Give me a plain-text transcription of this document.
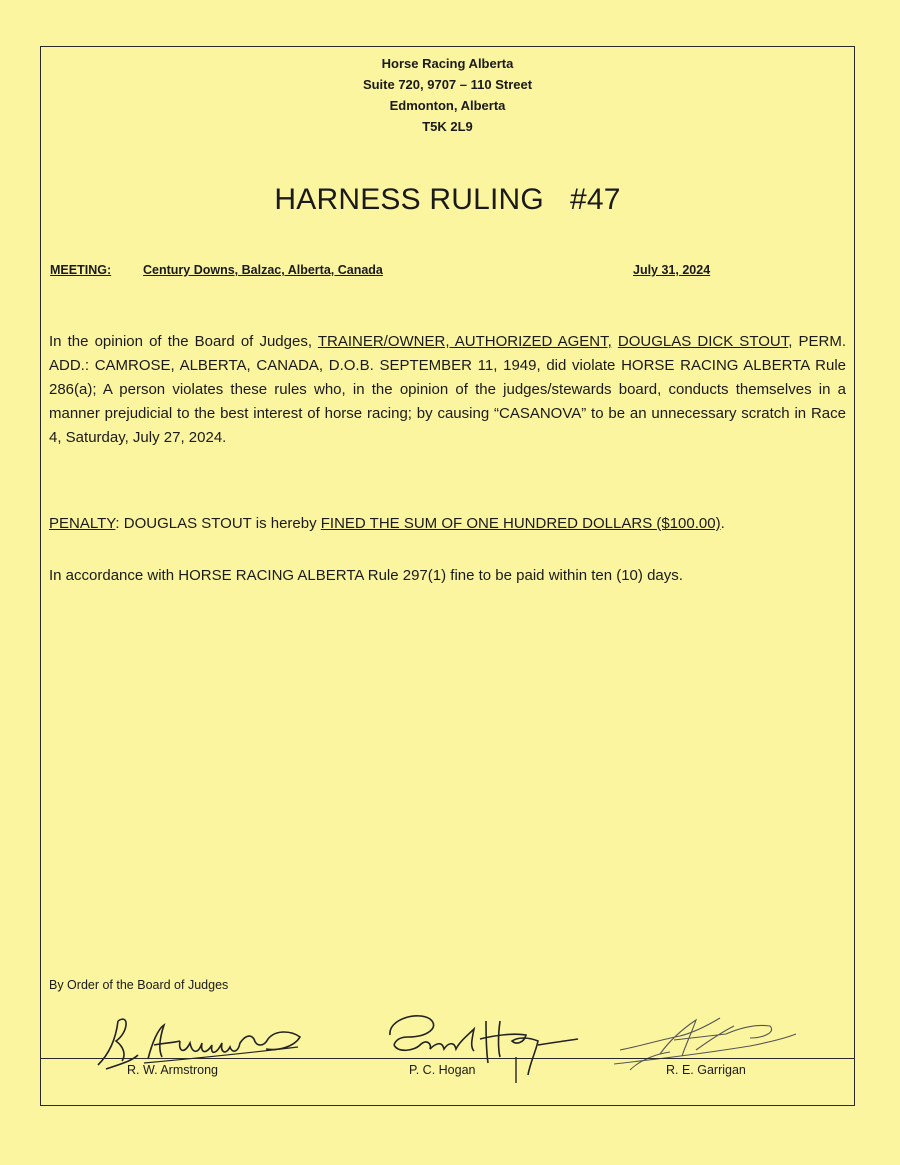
Horse Racing Alberta
Suite 720, 9707 – 110 Street
Edmonton, Alberta
T5K 2L9
HARNESS RULING #47
MEETING:	Century Downs, Balzac, Alberta, Canada	July 31, 2024

In the opinion of the Board of Judges, TRAINER/OWNER, AUTHORIZED AGENT, DOUGLAS DICK STOUT, PERM. ADD.: CAMROSE, ALBERTA, CANADA, D.O.B. SEPTEMBER 11, 1949, did violate HORSE RACING ALBERTA Rule 286(a); A person violates these rules who, in the opinion of the judges/stewards board, conducts themselves in a manner prejudicial to the best interest of horse racing; by causing “CASANOVA” to be an unnecessary scratch in Race 4, Saturday, July 27, 2024.

PENALTY: DOUGLAS STOUT is hereby FINED THE SUM OF ONE HUNDRED DOLLARS ($100.00).
In accordance with HORSE RACING ALBERTA Rule 297(1) fine to be paid within ten (10) days.
By Order of the Board of Judges
R. W. Armstrong	P. C. Hogan	R. E. Garrigan
